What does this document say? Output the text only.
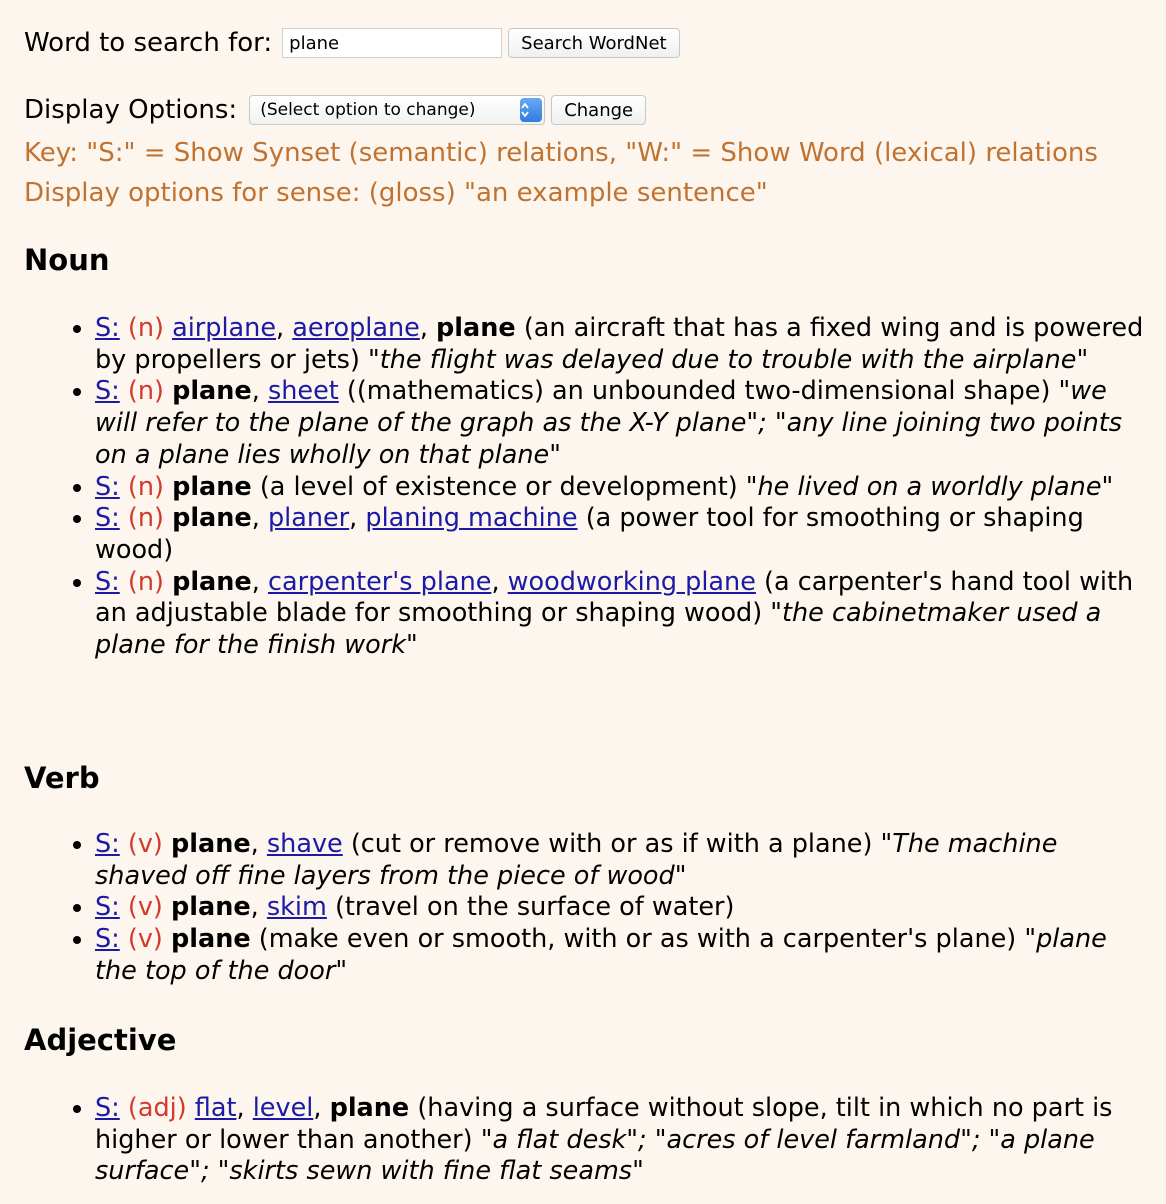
Word to search for:
plane	Search WordNet
Display Options:	(Select option to change)	Change
Key: "S:" = Show Synset (semantic) relations, "W:" = Show Word (lexical) relations
Display options for sense: (gloss) "an example sentence"
Noun
• S: (n) airplane, aeroplane, plane (an aircraft that has a fixed wing and is powered by propellers or jets) "the flight was delayed due to trouble with the airplane"
• S: (n) plane, sheet ((mathematics) an unbounded two-dimensional shape) "we will refer to the plane of the graph as the X-Y plane"; "any line joining two points on a plane lies wholly on that plane"
• S: (n) plane (a level of existence or development) "he lived on a worldly plane"
• S: (n) plane, planer, planing machine (a power tool for smoothing or shaping wood)
• S: (n) plane, carpenter's plane, woodworking plane (a carpenter's hand tool with an adjustable blade for smoothing or shaping wood) "the cabinetmaker used a plane for the finish work"
Verb
• S: (v) plane, shave (cut or remove with or as if with a plane) "The machine shaved off fine layers from the piece of wood"
• S: (v) plane, skim (travel on the surface of water)
• S: (v) plane (make even or smooth, with or as with a carpenter's plane) "plane the top of the door"
Adjective
• S: (adj) flat, level, plane (having a surface without slope, tilt in which no part is higher or lower than another) "a flat desk"; "acres of level farmland"; "a plane surface"; "skirts sewn with fine flat seams"
